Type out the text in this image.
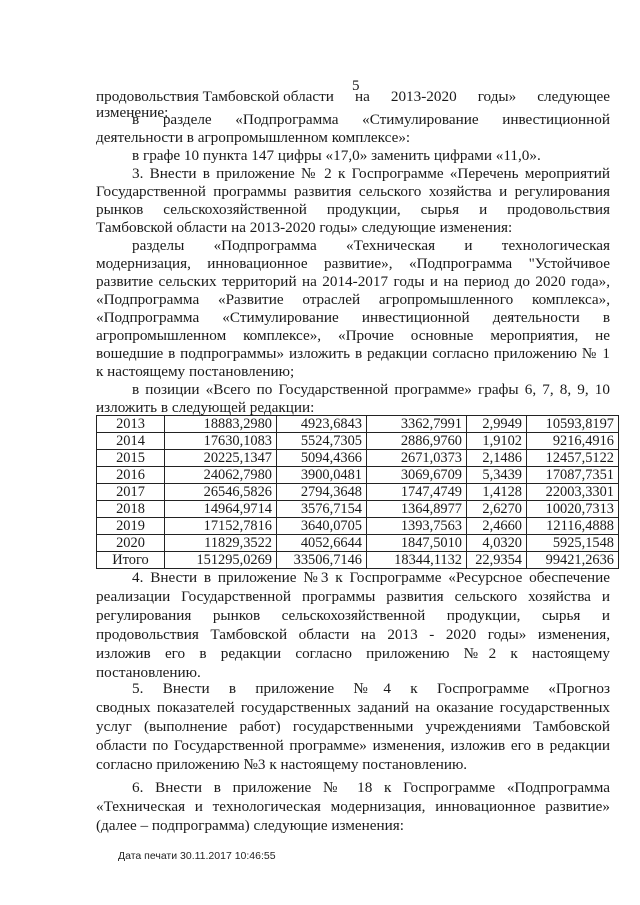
5
продовольствия Тамбовской области на 2013-2020 годы» следующее
изменение:
в разделе «Подпрограмма «Стимулирование инвестиционной
деятельности в агропромышленном комплексе»:
в графе 10 пункта 147 цифры «17,0» заменить цифрами «11,0».
3. Внести в приложение № 2 к Госпрограмме «Перечень мероприятий
Государственной программы развития сельского хозяйства и регулирования
рынков сельскохозяйственной продукции, сырья и продовольствия
Тамбовской области на 2013-2020 годы» следующие изменения:
разделы «Подпрограмма «Техническая и технологическая
модернизация, инновационное развитие», «Подпрограмма "Устойчивое
развитие сельских территорий на 2014-2017 годы и на период до 2020 года»,
«Подпрограмма «Развитие отраслей агропромышленного комплекса»,
«Подпрограмма «Стимулирование инвестиционной деятельности в
агропромышленном комплексе», «Прочие основные мероприятия, не
вошедшие в подпрограммы» изложить в редакции согласно приложению № 1
к настоящему постановлению;
в позиции «Всего по Государственной программе» графы 6, 7, 8, 9, 10
2013	18883,2980	4923,6843	3362,7991	2,9949	10593,8197
2014	17630,1083	5524,7305	2886,9760	1,9102	9216,4916
2015	20225,1347	5094,4366	2671,0373	2,1486	12457,5122
2016	24062,7980	3900,0481	3069,6709	5,3439	17087,7351
2017	26546,5826	2794,3648	1747,4749	1,4128	22003,3301
2018	14964,9714	3576,7154	1364,8977	2,6270	10020,7313
2019	17152,7816	3640,0705	1393,7563	2,4660	12116,4888
2020	11829,3522	4052,6644	1847,5010	4,0320	5925,1548
Итого	151295,0269	33506,7146	18344,1132	22,9354	99421,2636
4. Внести в приложение №3 к Госпрограмме «Ресурсное обеспечение
реализации Государственной программы развития сельского хозяйства и
регулирования рынков сельскохозяйственной продукции, сырья и
продовольствия Тамбовской области на 2013 - 2020 годы» изменения,
изложив его в редакции согласно приложению №2 к настоящему
постановлению.
5. Внести в приложение №4 к Госпрограмме «Прогноз
сводных показателей государственных заданий на оказание государственных
услуг (выполнение работ) государственными учреждениями Тамбовской
области по Государственной программе» изменения, изложив его в редакции
согласно приложению №3 к настоящему постановлению.
6. Внести в приложение № 18 к Госпрограмме «Подпрограмма
«Техническая и технологическая модернизация, инновационное развитие»
(далее – подпрограмма) следующие изменения:
Дата печати 30.11.2017 10:46:55
изложить в следующей редакции:
